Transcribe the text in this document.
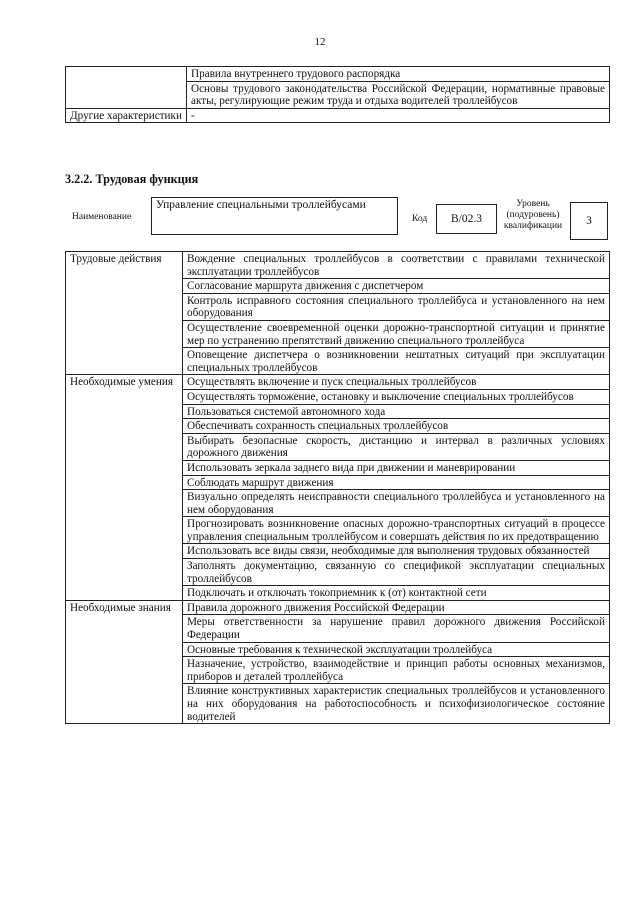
12
	Правила внутреннего трудового распорядка
	Основы трудового законодательства Российской Федерации, нормативные правовые акты, регулирующие режим труда и отдыха водителей троллейбусов
Другие характеристики	-
3.2.2. Трудовая функция
Наименование
Управление специальными троллейбусами
Код	B/02.3
Уровень (подуровень) квалификации	3
Трудовые действия	Вождение специальных троллейбусов в соответствии с правилами технической эксплуатации троллейбусов
	Согласование маршрута движения с диспетчером
	Контроль исправного состояния специального троллейбуса и установленного на нем оборудования
	Осуществление своевременной оценки дорожно-транспортной ситуации и принятие мер по устранению препятствий движению специального троллейбуса
	Оповещение диспетчера о возникновении нештатных ситуаций при эксплуатации специальных троллейбусов
Необходимые умения	Осуществлять включение и пуск специальных троллейбусов
	Осуществлять торможение, остановку и выключение специальных троллейбусов
	Пользоваться системой автономного хода
	Обеспечивать сохранность специальных троллейбусов
	Выбирать безопасные скорость, дистанцию и интервал в различных условиях дорожного движения
	Использовать зеркала заднего вида при движении и маневрировании
	Соблюдать маршрут движения
	Визуально определять неисправности специального троллейбуса и установленного на нем оборудования
	Прогнозировать возникновение опасных дорожно-транспортных ситуаций в процессе управления специальным троллейбусом и совершать действия по их предотвращению
	Использовать все виды связи, необходимые для выполнения трудовых обязанностей
	Заполнять документацию, связанную со спецификой эксплуатации специальных троллейбусов
	Подключать и отключать токоприемник к (от) контактной сети
Необходимые знания	Правила дорожного движения Российской Федерации
	Меры ответственности за нарушение правил дорожного движения Российской Федерации
	Основные требования к технической эксплуатации троллейбуса
	Назначение, устройство, взаимодействие и принцип работы основных механизмов, приборов и деталей троллейбуса
	Влияние конструктивных характеристик специальных троллейбусов и установленного на них оборудования на работоспособность и психофизиологическое состояние водителей
